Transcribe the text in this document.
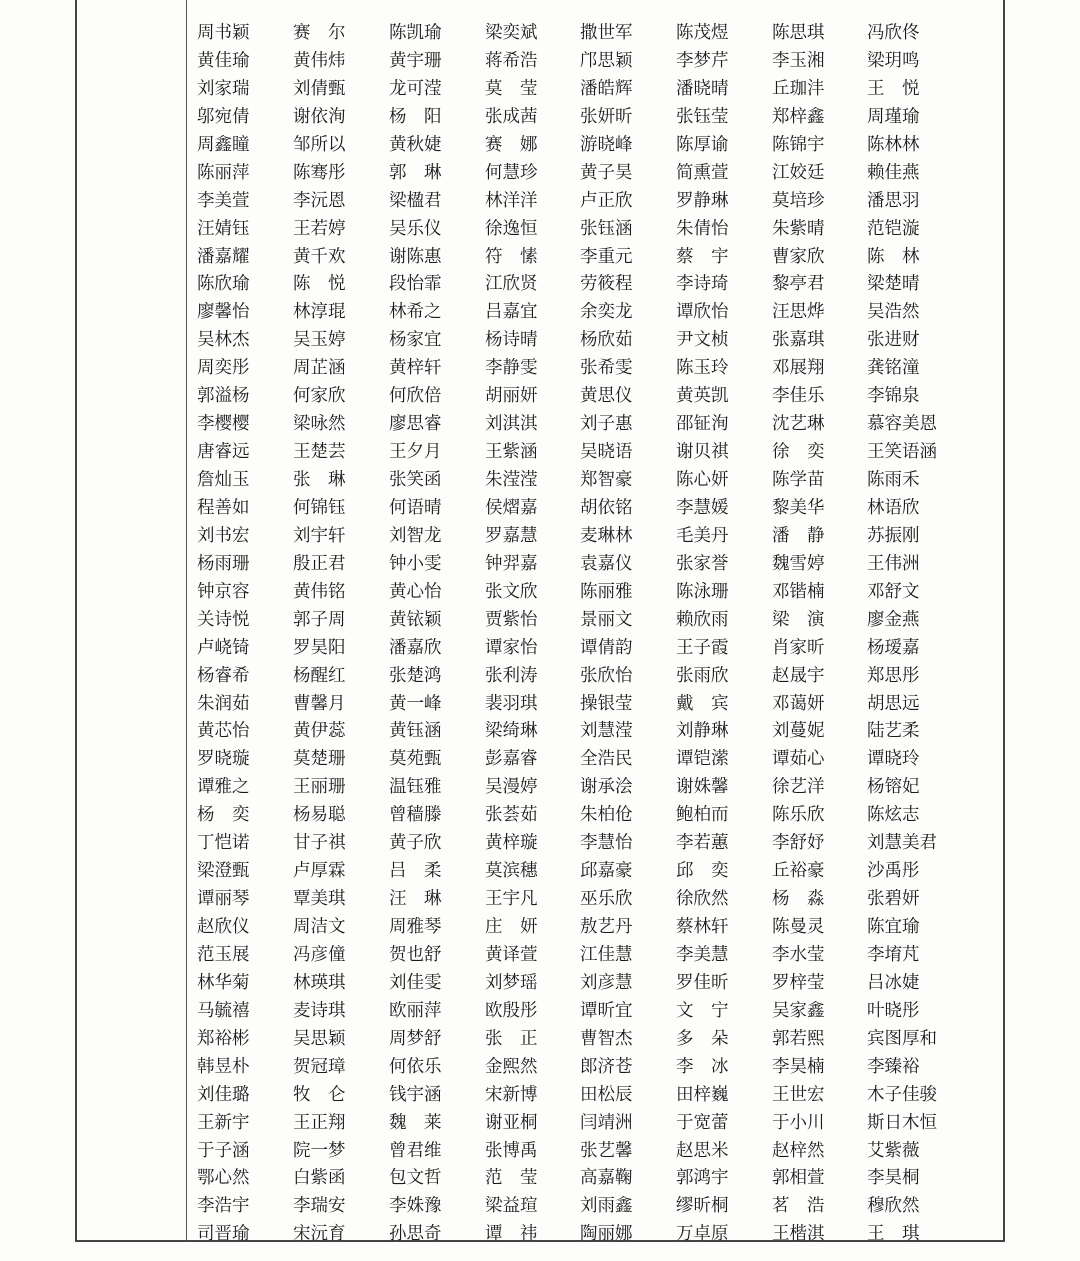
周书颖	赛　尔	陈凯瑜	梁奕斌	撒世军	陈茂煜	陈思琪	冯欣佟
黄佳瑜	黄伟炜	黄宇珊	蒋希浩	邝思颖	李梦芹	李玉湘	梁玥鸣
刘家瑞	刘倩甄	龙可滢	莫　莹	潘皓辉	潘晓晴	丘珈沣	王　悦
邬宛倩	谢依洵	杨　阳	张成茜	张妍昕	张钰莹	郑梓鑫	周瑾瑜
周鑫瞳	邹所以	黄秋婕	赛　娜	游晓峰	陈厚谕	陈锦宇	陈林林
陈丽萍	陈骞彤	郭　琳	何慧珍	黄子昊	简熏萱	江姣廷	赖佳燕
李美萱	李沅恩	梁楹君	林洋洋	卢正欣	罗静琳	莫培珍	潘思羽
汪婧钰	王若婷	吴乐仪	徐逸恒	张钰涵	朱倩怡	朱紫晴	范铠漩
潘嘉耀	黄千欢	谢陈惠	符　愫	李重元	蔡　宇	曹家欣	陈　林
陈欣瑜	陈　悦	段怡霏	江欣贤	劳筱程	李诗琦	黎亭君	梁楚晴
廖馨怡	林淳琨	林希之	吕嘉宜	余奕龙	谭欣怡	汪思烨	吴浩然
吴林杰	吴玉婷	杨家宜	杨诗晴	杨欣茹	尹文桢	张嘉琪	张进财
周奕彤	周芷涵	黄梓轩	李静雯	张希雯	陈玉玲	邓展翔	龚铭潼
郭溢杨	何家欣	何欣倍	胡丽妍	黄思仪	黄英凯	李佳乐	李锦泉
李樱樱	梁咏然	廖思睿	刘淇淇	刘子惠	邵钲洵	沈艺琳	慕容美恩
唐睿远	王楚芸	王夕月	王紫涵	吴晓语	谢贝祺	徐　奕	王笑语涵
詹灿玉	张　琳	张笑函	朱滢滢	郑智豪	陈心妍	陈学苗	陈雨禾
程善如	何锦钰	何语晴	侯熠嘉	胡依铭	李慧媛	黎美华	林语欣
刘书宏	刘宇轩	刘智龙	罗嘉慧	麦琳林	毛美丹	潘　静	苏振刚
杨雨珊	殷正君	钟小雯	钟羿嘉	袁嘉仪	张家誉	魏雪婷	王伟洲
钟京容	黄伟铭	黄心怡	张文欣	陈丽雅	陈泳珊	邓锴楠	邓舒文
关诗悦	郭子周	黄铱颖	贾紫怡	景丽文	赖欣雨	梁　演	廖金燕
卢峣锜	罗昊阳	潘嘉欣	谭家怡	谭倩韵	王子霞	肖家昕	杨瑷嘉
杨睿希	杨醒红	张楚鸿	张利涛	张欣怡	张雨欣	赵晟宇	郑思彤
朱润茹	曹馨月	黄一峰	裴羽琪	操银莹	戴　宾	邓蔼妍	胡思远
黄芯怡	黄伊蕊	黄钰涵	梁绮琳	刘慧滢	刘静琳	刘蔓妮	陆艺柔
罗晓璇	莫楚珊	莫苑甄	彭嘉睿	全浩民	谭铠潆	谭茹心	谭晓玲
谭雅之	王丽珊	温钰雅	吴漫婷	谢承浍	谢姝馨	徐艺洋	杨镕妃
杨　奕	杨易聪	曾穑滕	张荟茹	朱柏伧	鲍柏而	陈乐欣	陈炫志
丁恺诺	甘子祺	黄子欣	黄梓璇	李慧怡	李若蕙	李舒妤	刘慧美君
梁澄甄	卢厚霖	吕　柔	莫滨穗	邱嘉豪	邱　奕	丘裕豪	沙禹彤
谭丽琴	覃美琪	汪　琳	王宇凡	巫乐欣	徐欣然	杨　淼	张碧妍
赵欣仪	周洁文	周雅琴	庄　妍	敖艺丹	蔡林轩	陈曼灵	陈宜瑜
范玉展	冯彦僮	贺也舒	黄译萱	江佳慧	李美慧	李水莹	李堉芃
林华菊	林瑛琪	刘佳雯	刘梦瑶	刘彦慧	罗佳昕	罗梓莹	吕冰婕
马毓禧	麦诗琪	欧丽萍	欧殷彤	谭昕宜	文　宁	吴家鑫	叶晓彤
郑裕彬	吴思颖	周梦舒	张　正	曹智杰	多　朵	郭若熙	宾图厚和
韩昱朴	贺冠璋	何依乐	金熙然	郎济苍	李　冰	李昊楠	李臻裕
刘佳璐	牧　仑	钱宇涵	宋新博	田松辰	田梓巍	王世宏	木子佳骏
王新宇	王正翔	魏　莱	谢亚桐	闫靖洲	于宽蕾	于小川	斯日木恒
于子涵	院一梦	曾君维	张博禹	张艺馨	赵思米	赵梓然	艾紫薇
鄂心然	白紫函	包文哲	范　莹	高嘉鞠	郭鸿宇	郭相萱	李昊桐
李浩宇	李瑞安	李姝豫	梁益瑄	刘雨鑫	缪昕桐	茗　浩	穆欣然
司晋瑜	宋沅育	孙思奇	谭　祎	陶丽娜	万卓原	王楷淇	王　琪
